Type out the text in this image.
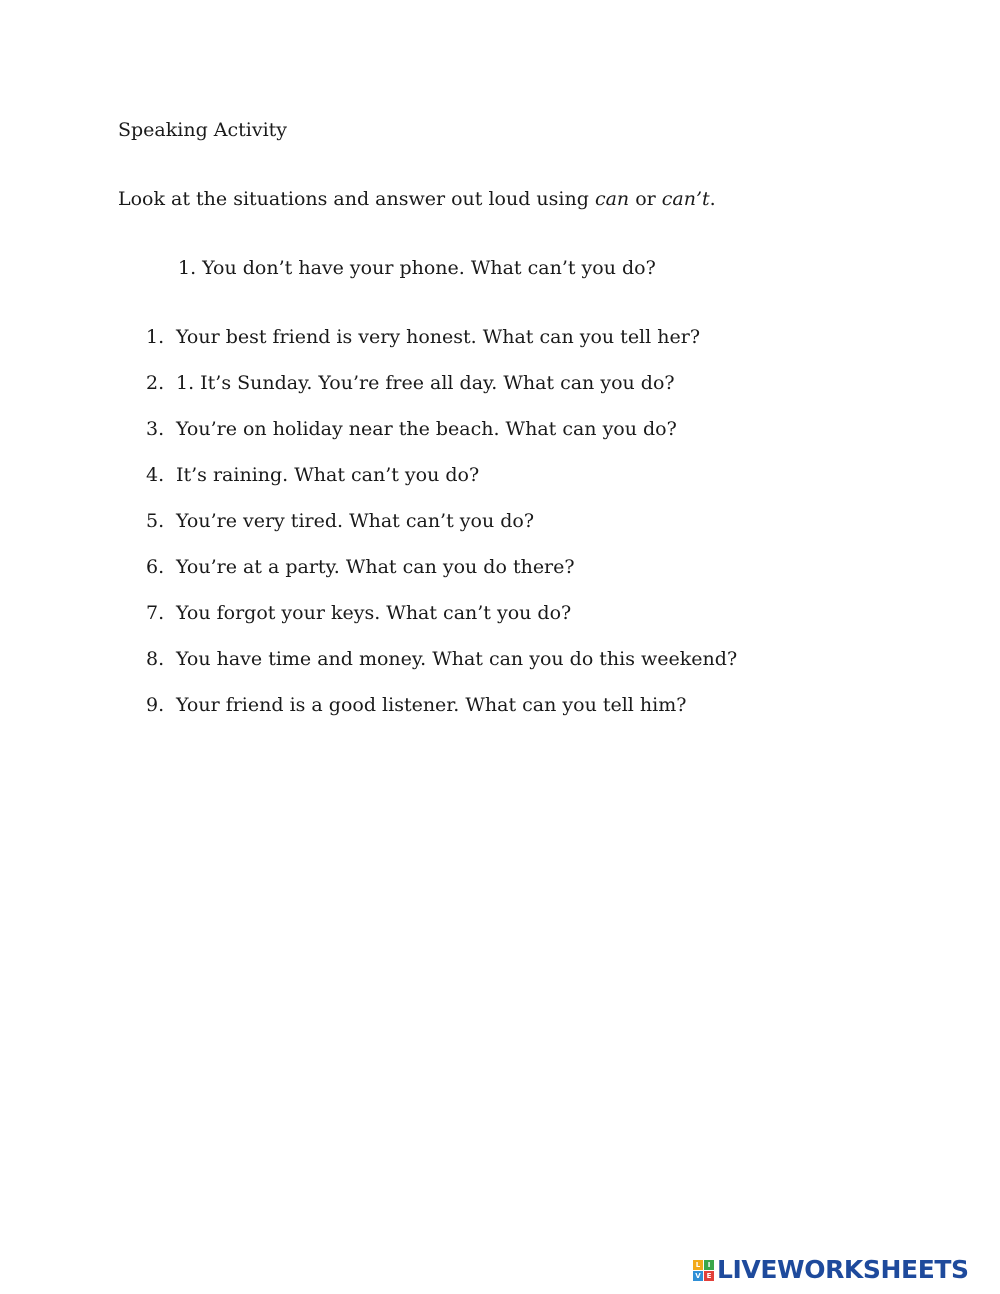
Speaking Activity
Look at the situations and answer out loud using can or can’t.
1. You don’t have your phone. What can’t you do?
1. Your best friend is very honest. What can you tell her?
2. 1. It’s Sunday. You’re free all day. What can you do?
3. You’re on holiday near the beach. What can you do?
4. It’s raining. What can’t you do?
5. You’re very tired. What can’t you do?
6. You’re at a party. What can you do there?
7. You forgot your keys. What can’t you do?
8. You have time and money. What can you do this weekend?
9. Your friend is a good listener. What can you tell him?
L	I
V E LIVEWORKSHEETS
